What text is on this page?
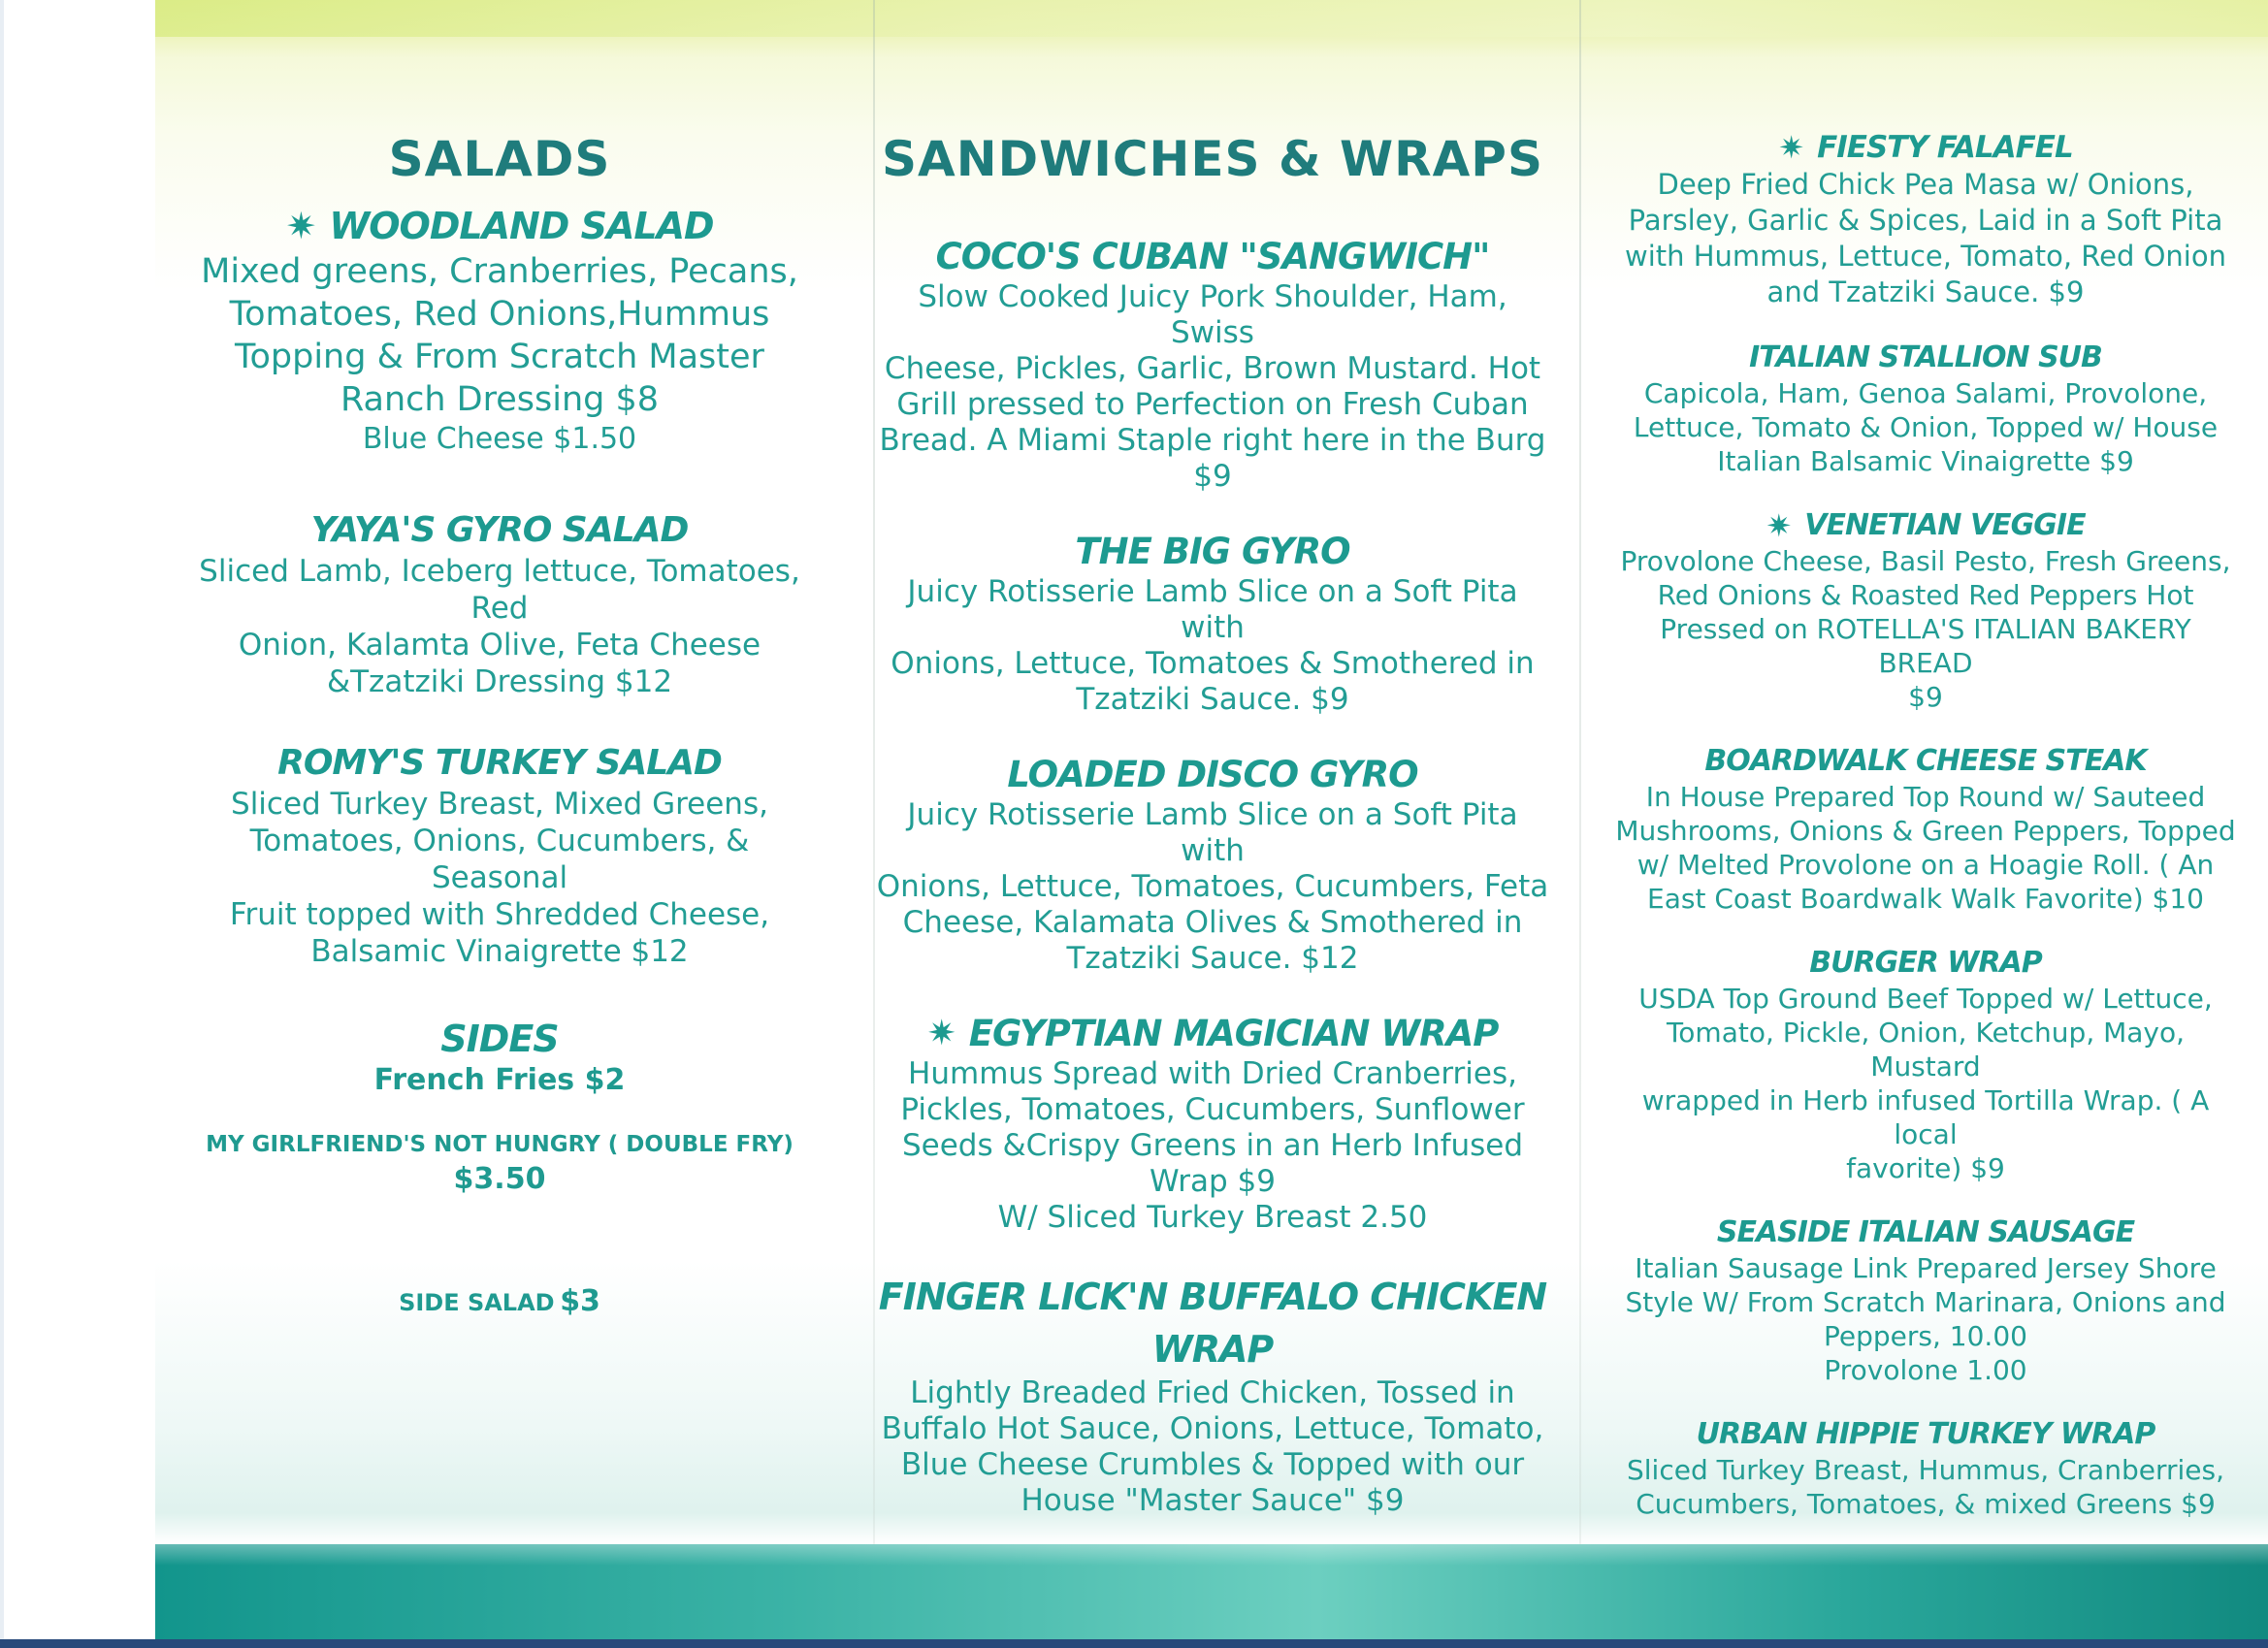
SALADS
✷ WOODLAND SALAD
Mixed greens, Cranberries, Pecans,
Tomatoes, Red Onions,Hummus
Topping & From Scratch Master
Ranch Dressing $8
Blue Cheese $1.50
YAYA'S GYRO SALAD
Sliced Lamb, Iceberg lettuce, Tomatoes, Red
Onion, Kalamta Olive, Feta Cheese
&Tzatziki Dressing $12
ROMY'S TURKEY SALAD
Sliced Turkey Breast, Mixed Greens,
Tomatoes, Onions, Cucumbers, & Seasonal
Fruit topped with Shredded Cheese,
Balsamic Vinaigrette $12
SIDES
French Fries $2
MY GIRLFRIEND'S NOT HUNGRY ( DOUBLE FRY)
$3.50
SIDE SALAD $3
SANDWICHES & WRAPS
COCO'S CUBAN "SANGWICH"
Slow Cooked Juicy Pork Shoulder, Ham, Swiss
Cheese, Pickles, Garlic, Brown Mustard. Hot
Grill pressed to Perfection on Fresh Cuban
Bread. A Miami Staple right here in the Burg
$9
THE BIG GYRO
Juicy Rotisserie Lamb Slice on a Soft Pita with
Onions, Lettuce, Tomatoes & Smothered in
Tzatziki Sauce. $9
LOADED DISCO GYRO
Juicy Rotisserie Lamb Slice on a Soft Pita with
Onions, Lettuce, Tomatoes, Cucumbers, Feta
Cheese, Kalamata Olives & Smothered in
Tzatziki Sauce. $12
✷ EGYPTIAN MAGICIAN WRAP
Hummus Spread with Dried Cranberries,
Pickles, Tomatoes, Cucumbers, Sunflower
Seeds &Crispy Greens in an Herb Infused
Wrap $9
W/ Sliced Turkey Breast 2.50
FINGER LICK'N BUFFALO CHICKEN
WRAP
Lightly Breaded Fried Chicken, Tossed in
Buffalo Hot Sauce, Onions, Lettuce, Tomato,
Blue Cheese Crumbles & Topped with our
House "Master Sauce" $9
✷ FIESTY FALAFEL
Deep Fried Chick Pea Masa w/ Onions,
Parsley, Garlic & Spices, Laid in a Soft Pita
with Hummus, Lettuce, Tomato, Red Onion
and Tzatziki Sauce. $9
ITALIAN STALLION SUB
Capicola, Ham, Genoa Salami, Provolone,
Lettuce, Tomato & Onion, Topped w/ House
Italian Balsamic Vinaigrette $9
✷ VENETIAN VEGGIE
Provolone Cheese, Basil Pesto, Fresh Greens,
Red Onions & Roasted Red Peppers Hot
Pressed on ROTELLA'S ITALIAN BAKERY BREAD
$9
BOARDWALK CHEESE STEAK
In House Prepared Top Round w/ Sauteed
Mushrooms, Onions & Green Peppers, Topped
w/ Melted Provolone on a Hoagie Roll. ( An
East Coast Boardwalk Walk Favorite) $10
BURGER WRAP
USDA Top Ground Beef Topped w/ Lettuce,
Tomato, Pickle, Onion, Ketchup, Mayo, Mustard
wrapped in Herb infused Tortilla Wrap. ( A local
favorite) $9
SEASIDE ITALIAN SAUSAGE
Italian Sausage Link Prepared Jersey Shore
Style W/ From Scratch Marinara, Onions and
Peppers, 10.00
Provolone 1.00
URBAN HIPPIE TURKEY WRAP
Sliced Turkey Breast, Hummus, Cranberries,
Cucumbers, Tomatoes, & mixed Greens $9
